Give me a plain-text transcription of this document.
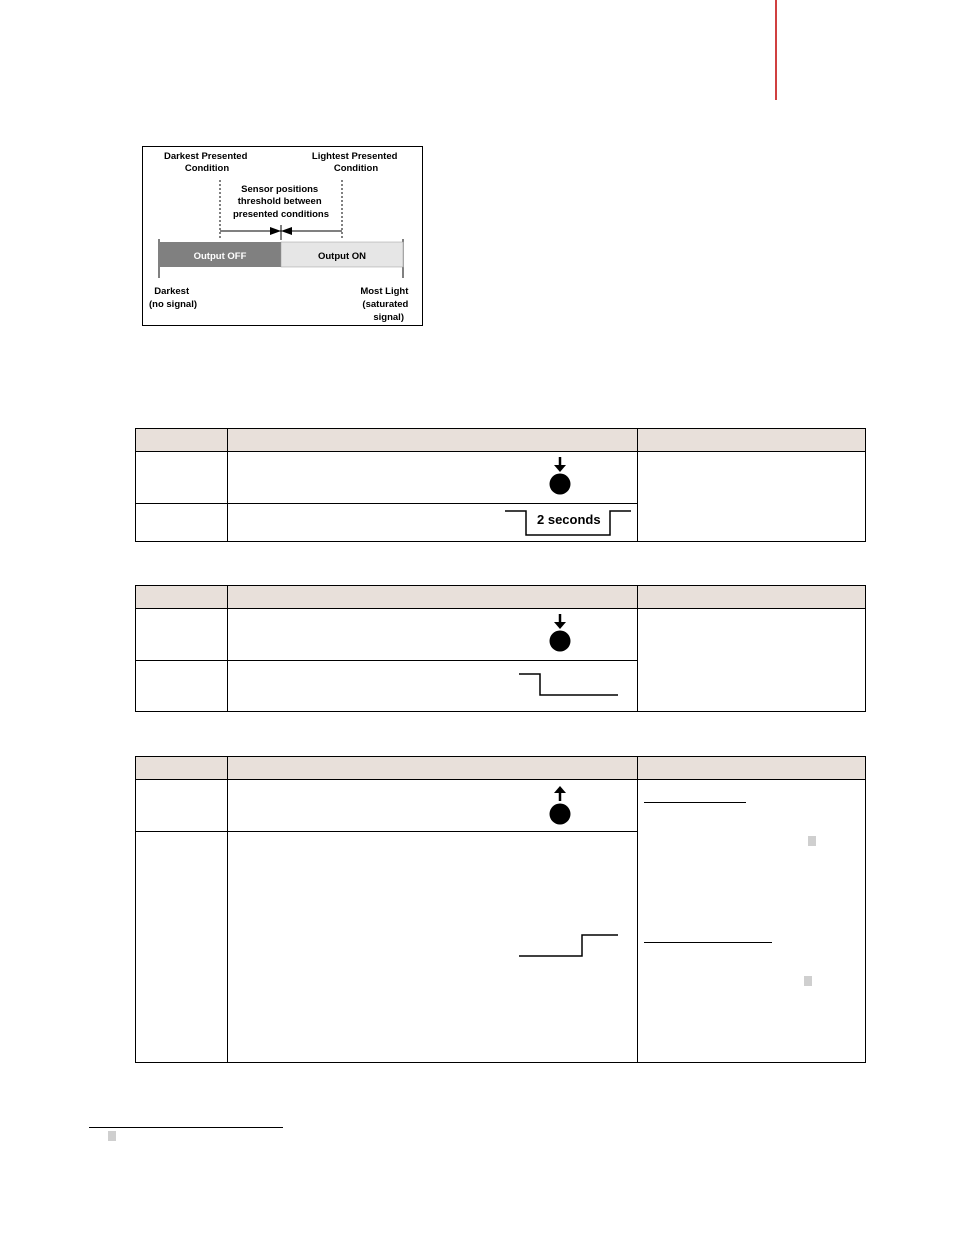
Darkest Presented Condition
Lightest Presented Condition
Sensor positions threshold between presented conditions
Output OFF	Output ON
Darkest (no signal)
Most Light (saturated signal)

	2 seconds	
